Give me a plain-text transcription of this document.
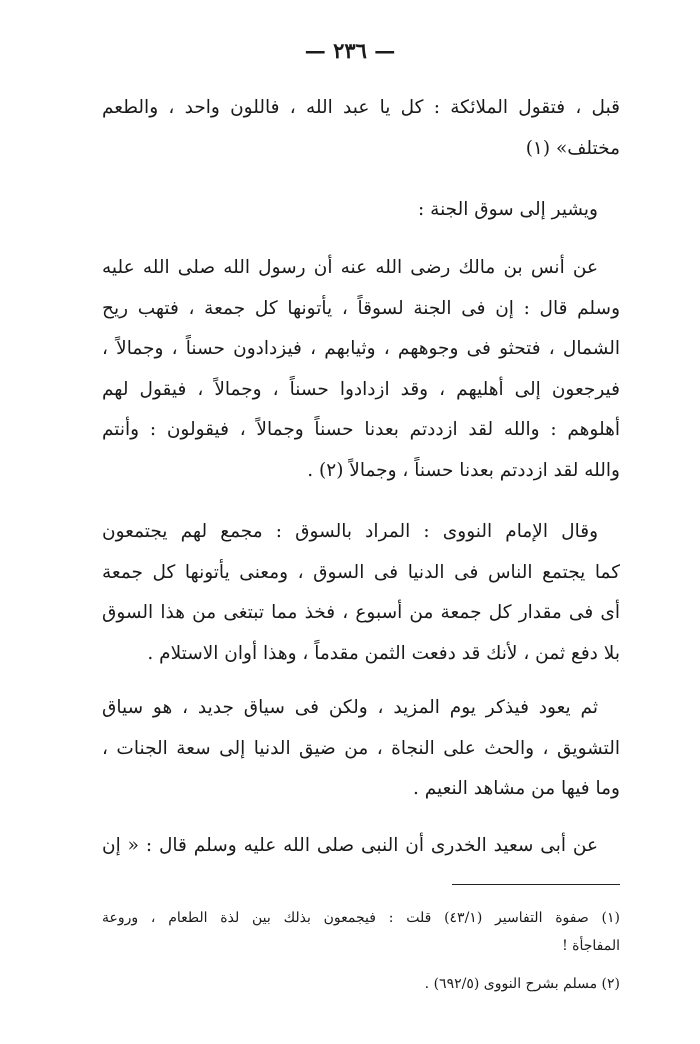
— ٢٣٦ —
قبل ، فتقول الملائكة : كل يا عبد الله ، فاللون واحد ، والطعم
مختلف» (١)
ويشير إلى سوق الجنة :
عن أنس بن مالك رضى الله عنه أن رسول الله صلى الله عليه
وسلم قال : إن فى الجنة لسوقاً ، يأتونها كل جمعة ، فتهب ريح
الشمال ، فتحثو فى وجوههم ، وثيابهم ، فيزدادون حسناً ، وجمالاً ،
فيرجعون إلى أهليهم ، وقد ازدادوا حسناً ، وجمالاً ، فيقول لهم
أهلوهم : والله لقد ازددتم بعدنا حسناً وجمالاً ، فيقولون : وأنتم
والله لقد ازددتم بعدنا حسناً ، وجمالاً (٢) .
وقال الإمام النووى : المراد بالسوق : مجمع لهم يجتمعون
كما يجتمع الناس فى الدنيا فى السوق ، ومعنى يأتونها كل جمعة
أى فى مقدار كل جمعة من أسبوع ، فخذ مما تبتغى من هذا السوق
بلا دفع ثمن ، لأنك قد دفعت الثمن مقدماً ، وهذا أوان الاستلام .
ثم يعود فيذكر يوم المزيد ، ولكن فى سياق جديد ، هو سياق
التشويق ، والحث على النجاة ، من ضيق الدنيا إلى سعة الجنات ،
وما فيها من مشاهد النعيم .
عن أبى سعيد الخدرى أن النبى صلى الله عليه وسلم قال : « إن
(١) صفوة التفاسير (٤٣/١) قلت : فيجمعون بذلك بين لذة الطعام ، وروعة
المفاجأة !
(٢) مسلم بشرح النووى (٦٩٢/٥) .
